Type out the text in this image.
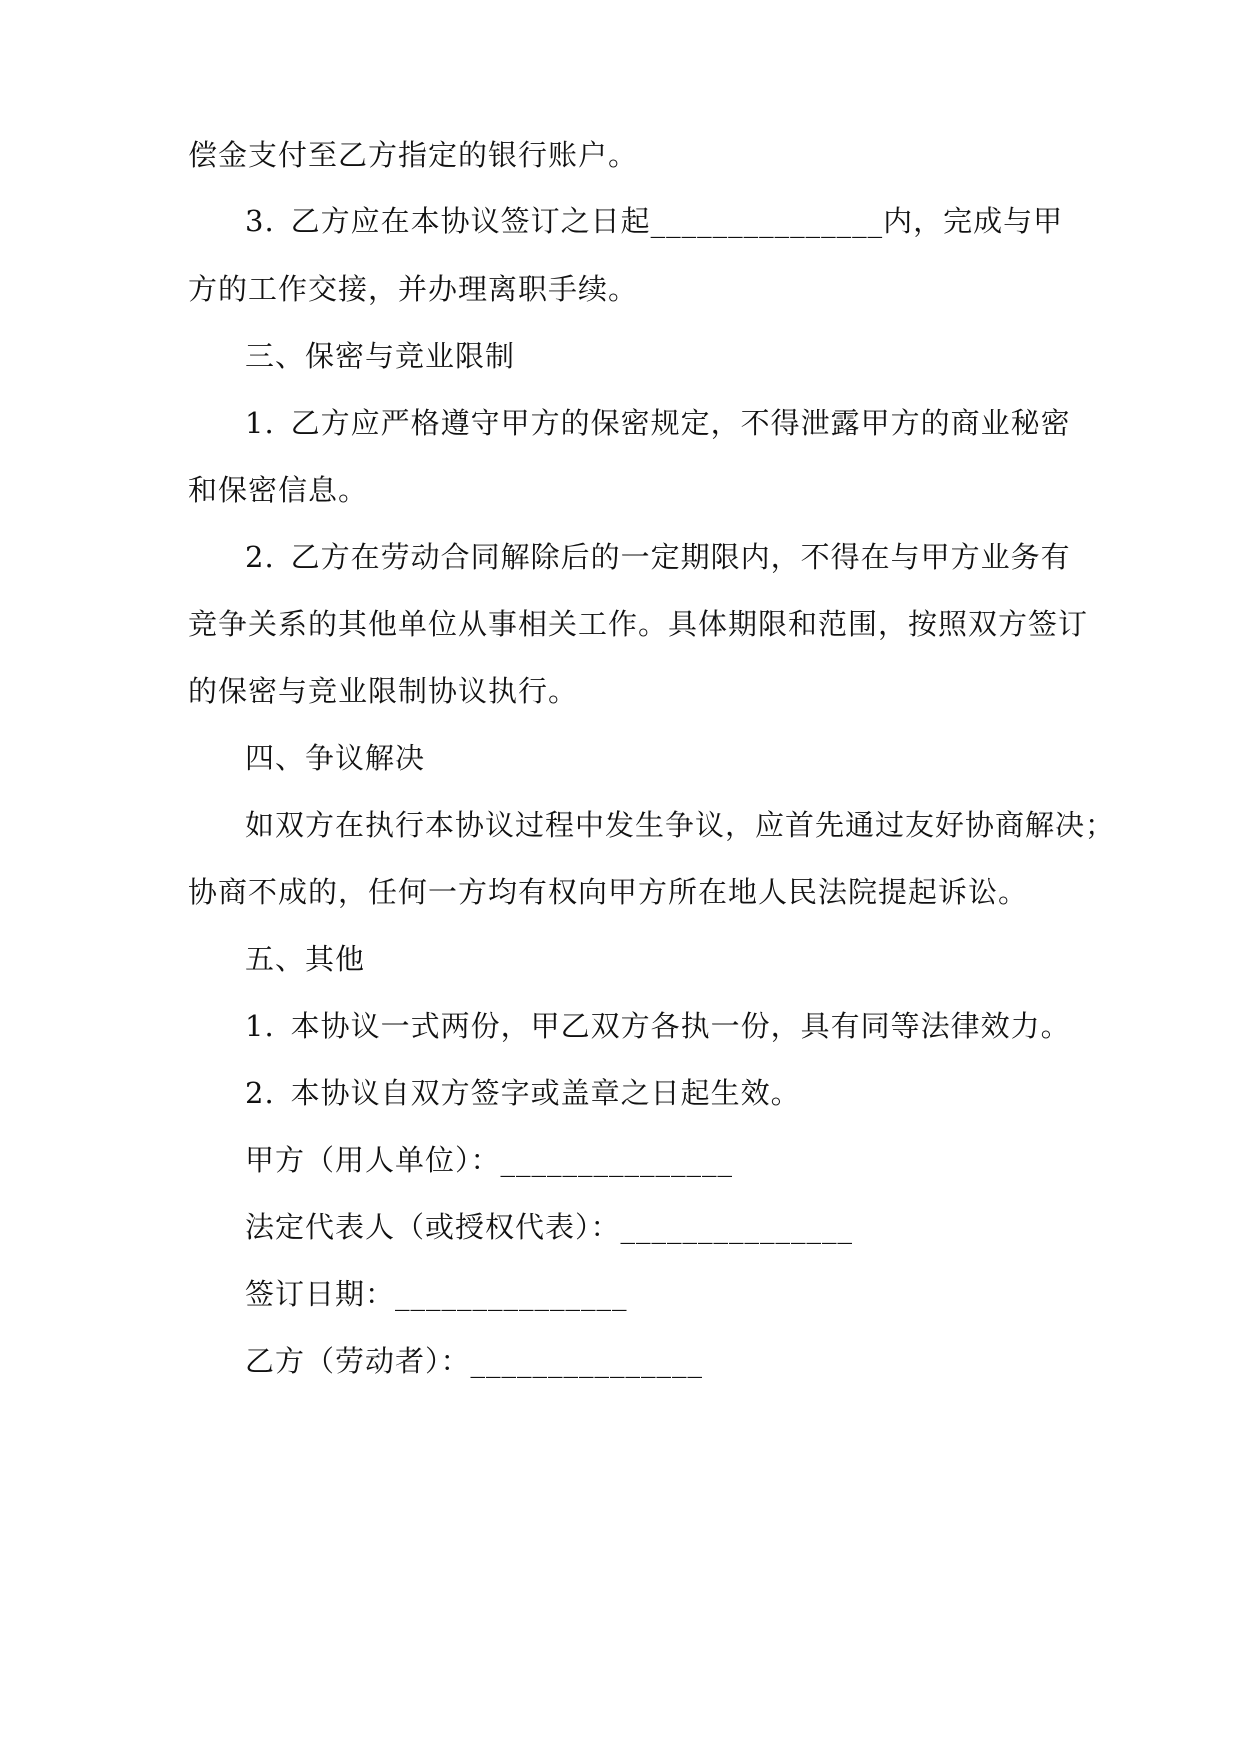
偿金支付至乙方指定的银行账户。
3. 乙方应在本协议签订之日起_______________内，完成与甲
方的工作交接，并办理离职手续。
三、保密与竞业限制
1. 乙方应严格遵守甲方的保密规定，不得泄露甲方的商业秘密
和保密信息。
2. 乙方在劳动合同解除后的一定期限内，不得在与甲方业务有
竞争关系的其他单位从事相关工作。具体期限和范围，按照双方签订
的保密与竞业限制协议执行。
四、争议解决
如双方在执行本协议过程中发生争议，应首先通过友好协商解决；
协商不成的，任何一方均有权向甲方所在地人民法院提起诉讼。
五、其他
1. 本协议一式两份，甲乙双方各执一份，具有同等法律效力。
2. 本协议自双方签字或盖章之日起生效。
甲方（用人单位）：_______________
法定代表人（或授权代表）：_______________
签订日期：_______________
乙方（劳动者）：_______________
